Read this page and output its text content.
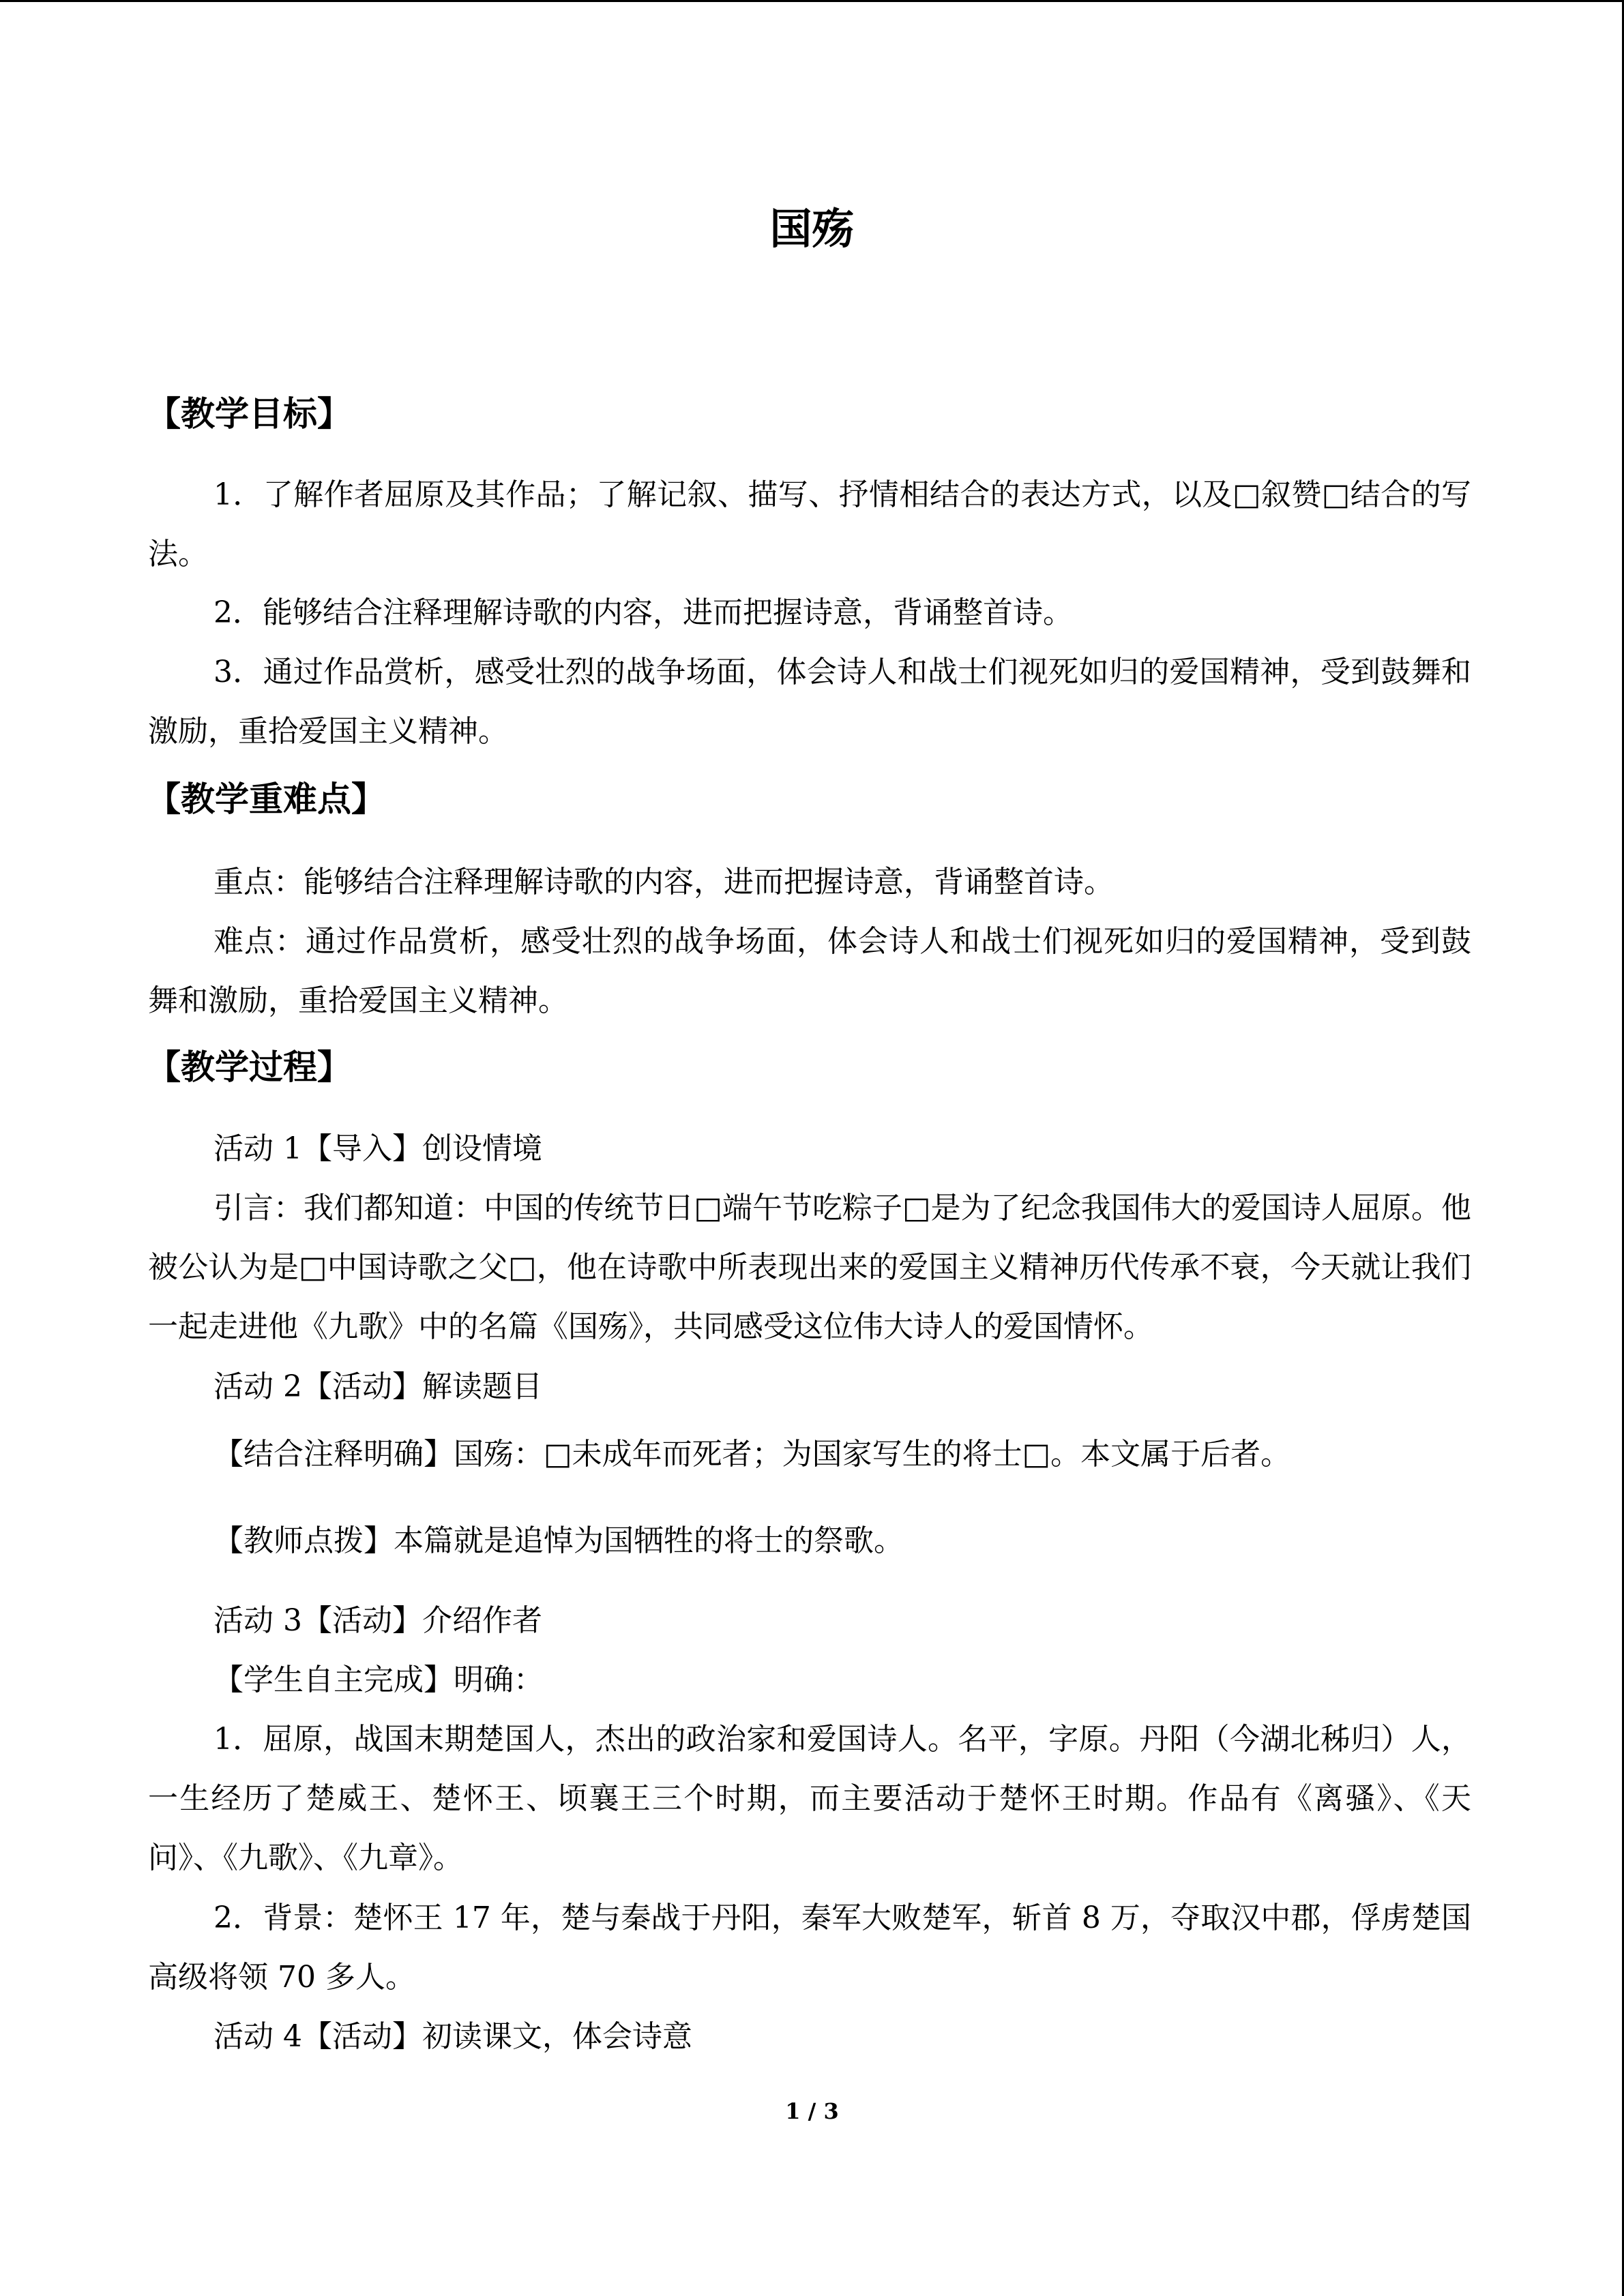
国殇
【教学目标】
1．了解作者屈原及其作品；了解记叙、描写、抒情相结合的表达方式，以及□叙赞□结合的写法。
2．能够结合注释理解诗歌的内容，进而把握诗意，背诵整首诗。
3．通过作品赏析，感受壮烈的战争场面，体会诗人和战士们视死如归的爱国精神，受到鼓舞和激励，重拾爱国主义精神。
【教学重难点】
重点：能够结合注释理解诗歌的内容，进而把握诗意，背诵整首诗。
难点：通过作品赏析，感受壮烈的战争场面，体会诗人和战士们视死如归的爱国精神，受到鼓舞和激励，重拾爱国主义精神。
【教学过程】
活动 1【导入】创设情境
引言：我们都知道：中国的传统节日□端午节吃粽子□是为了纪念我国伟大的爱国诗人屈原。他被公认为是□中国诗歌之父□，他在诗歌中所表现出来的爱国主义精神历代传承不衰，今天就让我们一起走进他《九歌》中的名篇《国殇》，共同感受这位伟大诗人的爱国情怀。
活动 2【活动】解读题目
【结合注释明确】国殇：□未成年而死者；为国家写生的将士□。本文属于后者。
【教师点拨】本篇就是追悼为国牺牲的将士的祭歌。
活动 3【活动】介绍作者
【学生自主完成】明确：
1．屈原，战国末期楚国人，杰出的政治家和爱国诗人。名平，字原。丹阳（今湖北秭归）人，一生经历了楚威王、楚怀王、顷襄王三个时期，而主要活动于楚怀王时期。作品有《离骚》、《天问》、《九歌》、《九章》。
2．背景：楚怀王 17 年，楚与秦战于丹阳，秦军大败楚军，斩首 8 万，夺取汉中郡，俘虏楚国高级将领 70 多人。
活动 4【活动】初读课文，体会诗意
1 / 3
